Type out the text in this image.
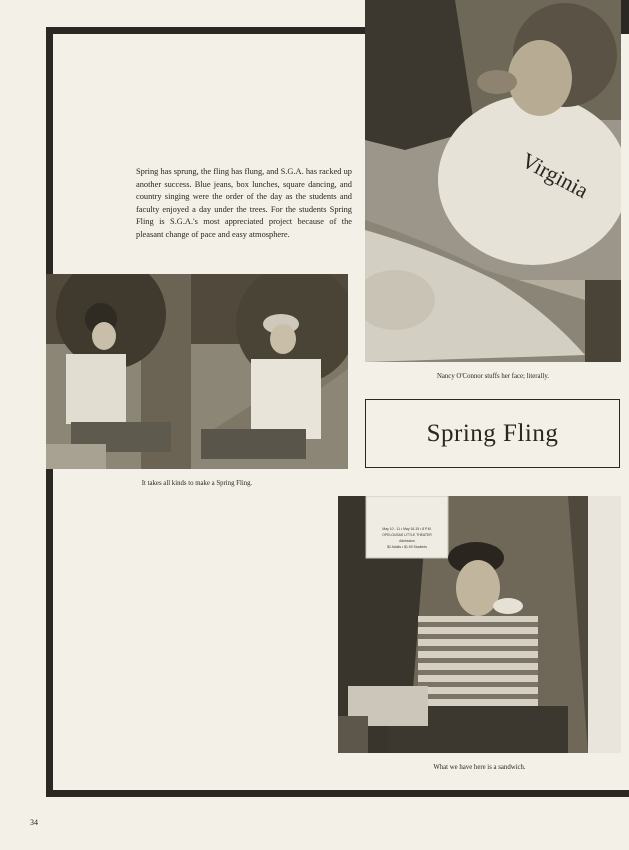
Spring has sprung, the fling has flung, and S.G.A. has racked up another success. Blue jeans, box lunches, square dancing, and country singing were the order of the day as the students and faculty enjoyed a day under the trees. For the students Spring Fling is S.G.A.'s most appreciated project because of the pleasant change of pace and easy atmosphere.

Virginia

Nancy O'Connor stuffs her face; literally.

It takes all kinds to make a Spring Fling.

Spring Fling
May 10 - 11 • May 16-19 • 8 P.M.
OPELOUSAS LITTLE THEATER
Admission
$2 Adults • $1.50 Students

What we have here is a sandwich.

34
